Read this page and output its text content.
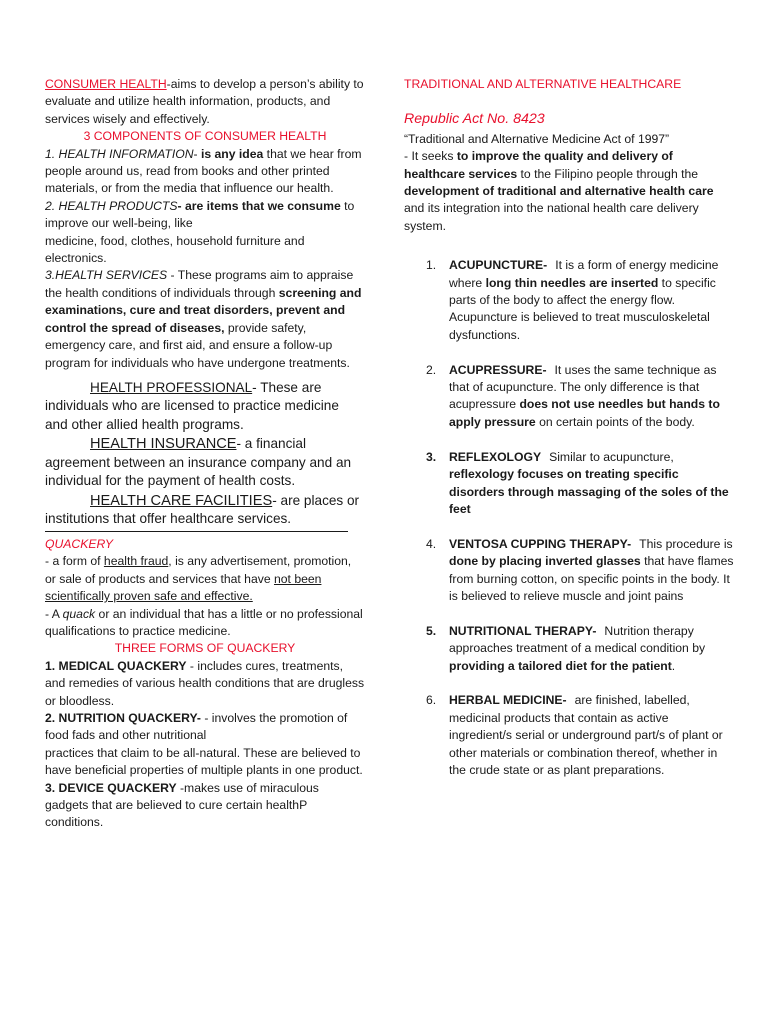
CONSUMER HEALTH-aims to develop a person’s ability to evaluate and utilize health information, products, and services wisely and effectively.

3 COMPONENTS OF CONSUMER HEALTH

1. HEALTH INFORMATION- is any idea that we hear from people around us, read from books and other printed materials, or from the media that influence our health.

2. HEALTH PRODUCTS- are items that we consume to improve our well-being, like

medicine, food, clothes, household furniture and electronics.

3.HEALTH SERVICES - These programs aim to appraise the health conditions of individuals through screening and examinations, cure and treat disorders, prevent and control the spread of diseases, provide safety, emergency care, and first aid, and ensure a follow-up program for individuals who have undergone treatments.

HEALTH PROFESSIONAL- These are individuals who are licensed to practice medicine and other allied health programs.

HEALTH INSURANCE- a financial agreement between an insurance company and an individual for the payment of health costs.

HEALTH CARE FACILITIES- are places or institutions that offer healthcare services.

QUACKERY

- a form of health fraud, is any advertisement, promotion, or sale of products and services that have not been scientifically proven safe and effective.

- A quack or an individual that has a little or no professional qualifications to practice medicine.

THREE FORMS OF QUACKERY

1. MEDICAL QUACKERY - includes cures, treatments, and remedies of various health conditions that are drugless or bloodless.

2. NUTRITION QUACKERY- - involves the promotion of food fads and other nutritional

practices that claim to be all-natural. These are believed to have beneficial properties of multiple plants in one product.

3. DEVICE QUACKERY -makes use of miraculous gadgets that are believed to cure certain healthP conditions.

TRADITIONAL AND ALTERNATIVE HEALTHCARE

Republic Act No. 8423

“Traditional and Alternative Medicine Act of 1997”

- It seeks to improve the quality and delivery of healthcare services to the Filipino people through the development of traditional and alternative health care and its integration into the national health care delivery system.

1. ACUPUNCTURE- It is a form of energy medicine where long thin needles are inserted to specific parts of the body to affect the energy flow. Acupuncture is believed to treat musculoskeletal dysfunctions.
2. ACUPRESSURE- It uses the same technique as that of acupuncture. The only difference is that acupressure does not use needles but hands to apply pressure on certain points of the body.
3. REFLEXOLOGY Similar to acupuncture, reflexology focuses on treating specific disorders through massaging of the soles of the feet
4. VENTOSA CUPPING THERAPY- This procedure is done by placing inverted glasses that have flames from burning cotton, on specific points in the body. It is believed to relieve muscle and joint pains
5. NUTRITIONAL THERAPY- Nutrition therapy approaches treatment of a medical condition by providing a tailored diet for the patient.
6. HERBAL MEDICINE- are finished, labelled, medicinal products that contain as active ingredient/s serial or underground part/s of plant or other materials or combination thereof, whether in the crude state or as plant preparations.
